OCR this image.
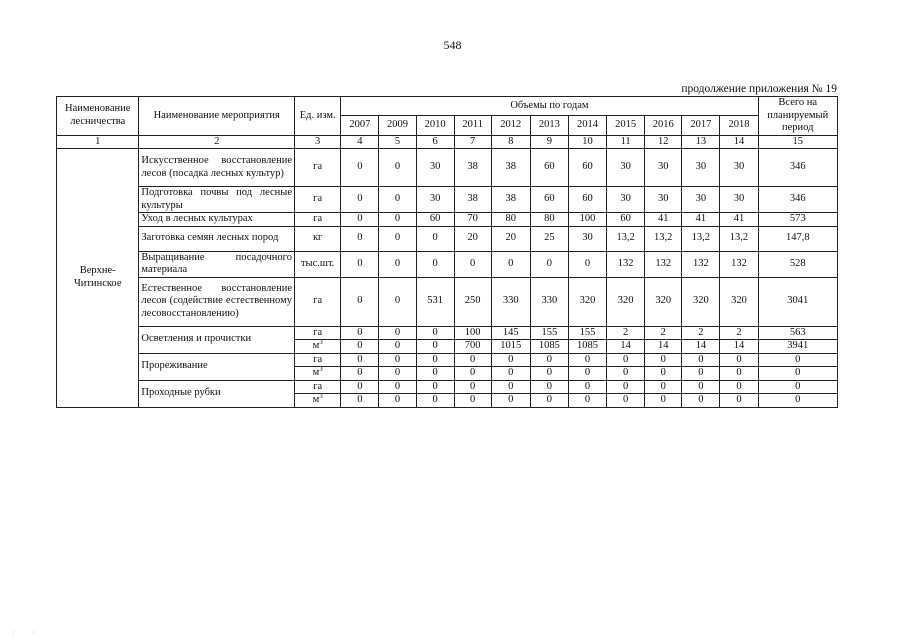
548
продолжение приложения № 19
Наименование лесничества	Наименование мероприятия	Ед. изм.	Объемы по годам											Всего на планируемый период
			2007	2009	2010	2011	2012	2013	2014	2015	2016	2017	2018	
1	2	3	4	5	6	7	8	9	10	11	12	13	14	15
Верхне-Читинское	Искусственное восстановление лесов (посадка лесных культур)	га	0	0	30	38	38	60	60	30	30	30	30	346
	Подготовка почвы под лесные культуры	га	0	0	30	38	38	60	60	30	30	30	30	346
	Уход в лесных культурах	га	0	0	60	70	80	80	100	60	41	41	41	573
	Заготовка семян лесных пород	кг	0	0	0	20	20	25	30	13,2	13,2	13,2	13,2	147,8
	Выращивание посадочного материала	тыс.шт.	0	0	0	0	0	0	0	132	132	132	132	528
	Естественное восстановление лесов (содействие естественному лесовосстановлению)	га	0	0	531	250	330	330	320	320	320	320	320	3041
	Осветления и прочистки	га	0	0	0	100	145	155	155	2	2	2	2	563
		$м^3$	0	0	0	700	1015	1085	1085	14	14	14	14	3941
	Прореживание	га	0	0	0	0	0	0	0	0	0	0	0	0
		$м^3$	0	0	0	0	0	0	0	0	0	0	0	0
	Проходные рубки	га	0	0	0	0	0	0	0	0	0	0	0	0
		$м^3$	0	0	0	0	0	0	0	0	0	0	0	0
· ·
